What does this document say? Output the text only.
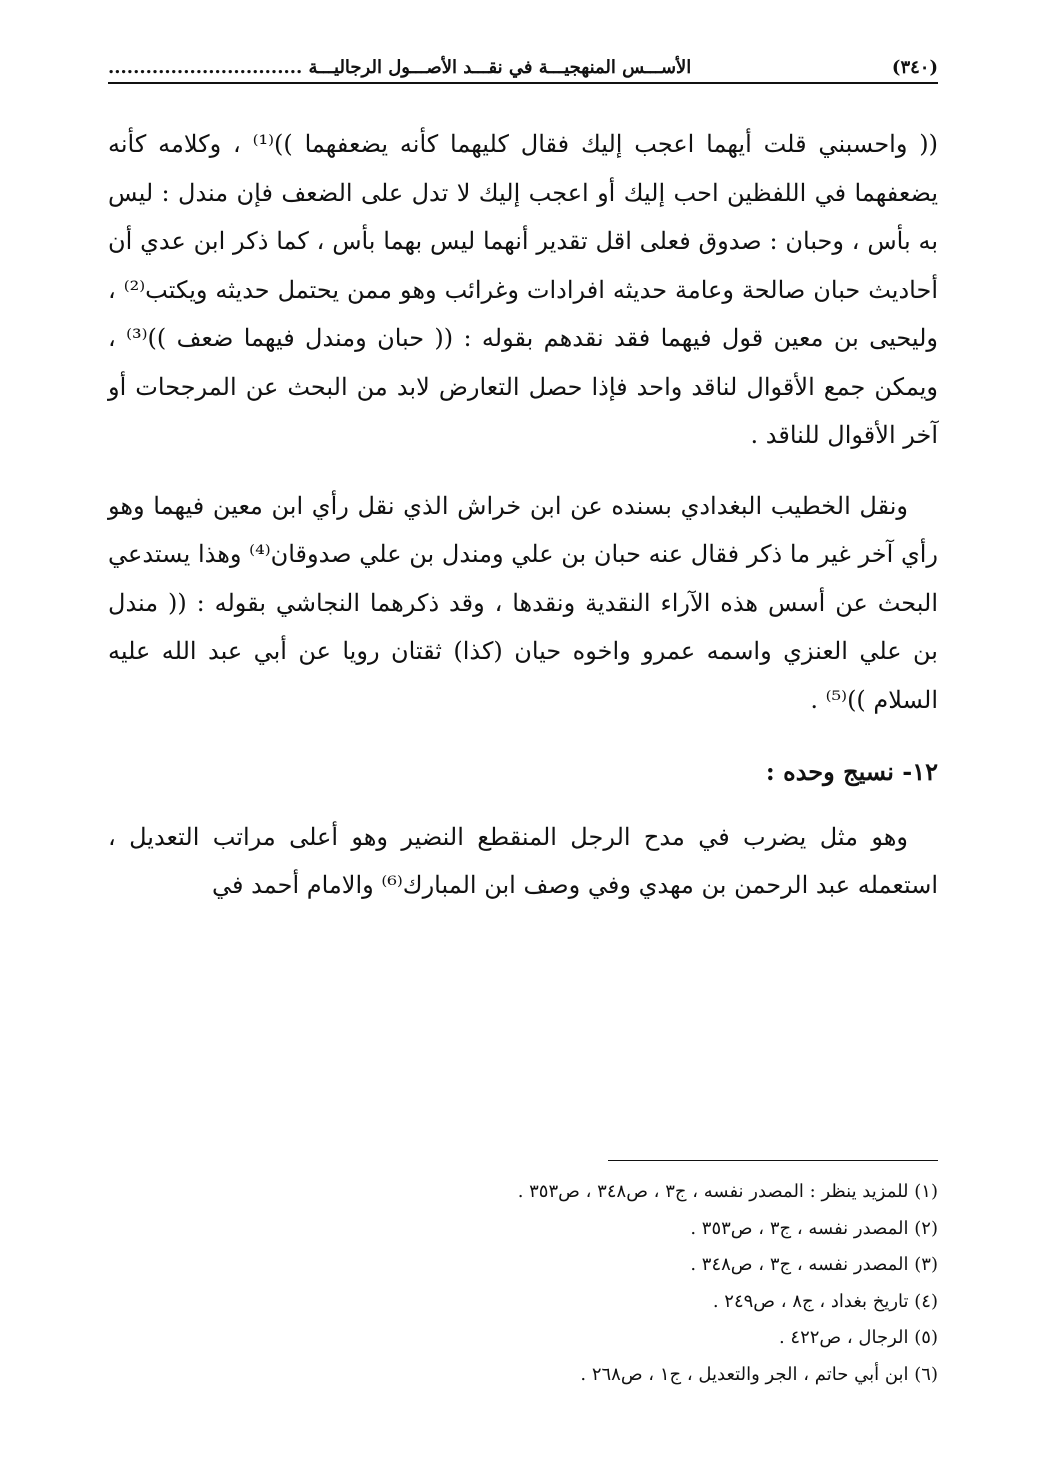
(٣٤٠)
الأســـس المنهجيـــة في نقـــد الأصـــول الرجاليـــة ...............................

(( واحسبني قلت أيهما اعجب إليك فقال كليهما كأنه يضعفهما ))⁽¹⁾ ، وكلامه كأنه يضعفهما في اللفظين احب إليك أو اعجب إليك لا تدل على الضعف فإن مندل : ليس به بأس ، وحبان : صدوق فعلى اقل تقدير أنهما ليس بهما بأس ، كما ذكر ابن عدي أن أحاديث حبان صالحة وعامة حديثه افرادات وغرائب وهو ممن يحتمل حديثه ويكتب⁽²⁾ ، وليحيى بن معين قول فيهما فقد نقدهم بقوله : (( حبان ومندل فيهما ضعف ))⁽³⁾ ، ويمكن جمع الأقوال لناقد واحد فإذا حصل التعارض لابد من البحث عن المرجحات أو آخر الأقوال للناقد .

ونقل الخطيب البغدادي بسنده عن ابن خراش الذي نقل رأي ابن معين فيهما وهو رأي آخر غير ما ذكر فقال عنه حبان بن علي ومندل بن علي صدوقان⁽⁴⁾ وهذا يستدعي البحث عن أسس هذه الآراء النقدية ونقدها ، وقد ذكرهما النجاشي بقوله : (( مندل بن علي العنزي واسمه عمرو واخوه حيان (كذا) ثقتان رويا عن أبي عبد الله عليه السلام ))⁽⁵⁾ .

١٢- نسيج وحده :

وهو مثل يضرب في مدح الرجل المنقطع النضير وهو أعلى مراتب التعديل ، استعمله عبد الرحمن بن مهدي وفي وصف ابن المبارك⁽⁶⁾ والامام أحمد في

(١) للمزيد ينظر : المصدر نفسه ، ج٣ ، ص٣٤٨ ، ص٣٥٣ .

(٢) المصدر نفسه ، ج٣ ، ص٣٥٣ .

(٣) المصدر نفسه ، ج٣ ، ص٣٤٨ .

(٤) تاريخ بغداد ، ج٨ ، ص٢٤٩ .

(٥) الرجال ، ص٤٢٢ .

(٦) ابن أبي حاتم ، الجر والتعديل ، ج١ ، ص٢٦٨ .
